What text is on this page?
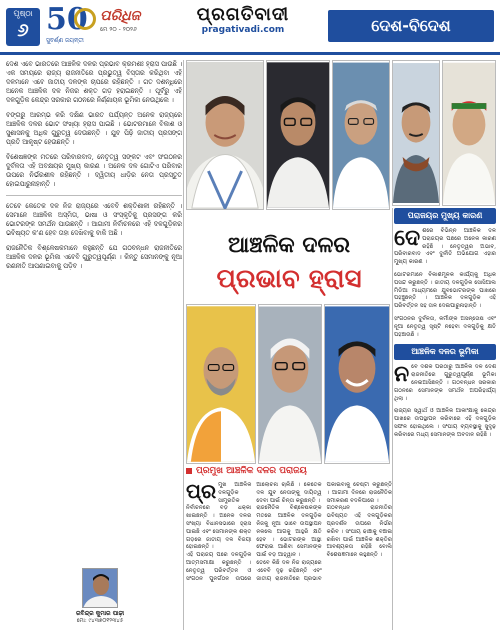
ପୃଷ୍ଠା
୬ 50
ସୁବର୍ଣ୍ଣ ଜୟନ୍ତୀ
ପରିଧିଜ
ମେ ୨୦ - ୨୦୨୬
ପ୍ରଗତିବାଦୀ
pragativadi.com	ଦେଶ-ବିଦେଶ

ଦେଶ ଏବେ ଭାରତରେ ଆଞ୍ଚଳିକ ଦଳର ପ୍ରଭାବ କ୍ରମଶଃ ହ୍ରାସ ପାଉଛି । ଏକ ସମୟରେ ରାଜ୍ୟ ରାଜନୀତିରେ ପ୍ରଭୁତ୍ୱ ବିସ୍ତାର କରିଥିବା ଏହି ଦଳମାନେ ଏବେ ଜାତୀୟ ଦଳଙ୍କ ଚାପରେ ରହିଛନ୍ତି । ଗତ ଦଶନ୍ଧିରେ ଅନେକ ଆଞ୍ଚଳିକ ଦଳ ନିଜର ଶକ୍ତ ଗଡ଼ ହରାଇଛନ୍ତି । ପୂର୍ବରୁ ଏହି ଦଳଗୁଡ଼ିକ କେନ୍ଦ୍ର ସରକାର ଗଠନରେ ନିର୍ଣ୍ଣାୟକ ଭୂମିକା ନେଉଥିଲେ ।

ବଙ୍ଗରୁ ଆରମ୍ଭ କରି ଦକ୍ଷିଣ ଭାରତ ପର୍ଯ୍ୟନ୍ତ ଅନେକ ରାଜ୍ୟରେ ଆଞ୍ଚଳିକ ଦଳର ଭୋଟ ସଂଖ୍ୟା ହ୍ରାସ ପାଇଛି । ଭୋଟରମାନେ ବିକାଶ ଓ ସୁଶାସନକୁ ଅଧିକ ଗୁରୁତ୍ୱ ଦେଉଛନ୍ତି । ଯୁବ ପିଢ଼ି ଜାତୀୟ ପ୍ରସଙ୍ଗ ପ୍ରତି ଆକୃଷ୍ଟ ହେଉଛନ୍ତି ।

ବିଶେଷଜ୍ଞଙ୍କ ମତରେ ପରିବାରବାଦ, ନେତୃତ୍ୱ ସଙ୍କଟ ଏବଂ ସଂଗଠନର ଦୁର୍ବଳତା ଏହି ଅବକ୍ଷୟର ମୁଖ୍ୟ କାରଣ । ଅନେକ ଦଳ ଗୋଟିଏ ପରିବାର ଉପରେ ନିର୍ଭରଶୀଳ ରହିଛନ୍ତି । ଦ୍ୱିତୀୟ ଧାଡ଼ିର ନେତା ପ୍ରସ୍ତୁତ ହୋଇପାରୁନାହାନ୍ତି ।

ତେବେ କେତେକ ଦଳ ନିଜ ରାଜ୍ୟରେ ଏବେବି ଶକ୍ତିଶାଳୀ ରହିଛନ୍ତି । ସେମାନେ ଆଞ୍ଚଳିକ ଅସ୍ମିତା, ଭାଷା ଓ ସଂସ୍କୃତିକୁ ପ୍ରସଙ୍ଗ କରି ଭୋଟରଙ୍କ ସମର୍ଥନ ପାଉଛନ୍ତି । ଆଗାମୀ ନିର୍ବାଚନରେ ଏହି ଦଳଗୁଡ଼ିକର ଭବିଷ୍ୟତ କ'ଣ ହେବ ତାହା ଦେଖିବାକୁ ବାକି ଅଛି ।

ରାଜନୈତିକ ବିଶ୍ଳେଷକମାନେ କହୁଛନ୍ତି ଯେ ଗଠବନ୍ଧନ ରାଜନୀତିରେ ଆଞ୍ଚଳିକ ଦଳର ଭୂମିକା ଏବେବି ଗୁରୁତ୍ୱପୂର୍ଣ୍ଣ । କିନ୍ତୁ ସେମାନଙ୍କୁ ନୂଆ ରଣନୀତି ଆପଣାଇବାକୁ ପଡ଼ିବ ।

ଆଞ୍ଚଳିକ ଦଳର
ପ୍ରଭାବ ହ୍ରାସ
ପରାଜୟର ମୁଖ୍ୟ କାରଣ

ଦେ ଶରେ ବିଭିନ୍ନ ଆଞ୍ଚଳିକ ଦଳ ପରାଜୟର ପଛରେ ଅନେକ କାରଣ ରହିଛି । ନେତୃତ୍ୱର ଅଭାବ, ପରିବାରବାଦ ଏବଂ ଦୁର୍ନୀତି ଅଭିଯୋଗ ଏହାର ମୁଖ୍ୟ କାରଣ ।

ଭୋଟରମାନେ ବିକାଶମୂଳକ କାର୍ଯ୍ୟକୁ ଅଧିକ ପସନ୍ଦ କରୁଛନ୍ତି । ଜାତୀୟ ଦଳଗୁଡ଼ିକ ସୋସିଆଲ ମିଡିଆ ମାଧ୍ୟମରେ ଯୁବଭୋଟରଙ୍କ ପାଖରେ ପହଞ୍ଚୁଛନ୍ତି । ଆଞ୍ଚଳିକ ଦଳଗୁଡ଼ିକ ଏହି ପରିବର୍ତ୍ତନ ସହ ତାଳ ଦେଇପାରୁନାହାନ୍ତି ।

ସଂଗଠନର ଦୁର୍ବଳତା, କର୍ମୀଙ୍କ ଅସନ୍ତୋଷ ଏବଂ ନୂଆ ନେତୃତ୍ୱ ସୃଷ୍ଟି ନହେବା ଦଳଗୁଡ଼ିକୁ କ୍ଷତି ପହଞ୍ଚାଉଛି ।

ଆଞ୍ଚଳିକ ଦଳର ଭୂମିକା

ନ ବେ ଦଶକ ପରଠାରୁ ଆଞ୍ଚଳିକ ଦଳ ଦେଶ ରାଜନୀତିରେ ଗୁରୁତ୍ୱପୂର୍ଣ୍ଣ ଭୂମିକା ନେଇଆସିଛନ୍ତି । ଗଠବନ୍ଧନ ସରକାର ଗଠନରେ ସେମାନଙ୍କ ସମର୍ଥନ ଅପରିହାର୍ଯ୍ୟ ଥିଲା ।

ରାଜ୍ୟର ସ୍ୱାର୍ଥ ଓ ଆଞ୍ଚଳିକ ଆକାଂକ୍ଷାକୁ କେନ୍ଦ୍ର ପାଖରେ ଉପସ୍ଥାପନ କରିବାରେ ଏହି ଦଳଗୁଡ଼ିକ ସଫଳ ହୋଇଥିଲେ । ସଂଘୀୟ ବ୍ୟବସ୍ଥାକୁ ସୁଦୃଢ଼ କରିବାରେ ମଧ୍ୟ ସେମାନଙ୍କ ଅବଦାନ ରହିଛି ।

ପ୍ରମୁଖ ଆଞ୍ଚଳିକ ଦଳର ପରାଜୟ

ପ୍ର ମୁଖ ଆଞ୍ଚଳିକ ଦଳଗୁଡ଼ିକ ସାମ୍ପ୍ରତିକ ନିର୍ବାଚନରେ ବଡ଼ ଧକ୍କା ଖାଇଛନ୍ତି । ଅନେକ ଦଳର ସଂଖ୍ୟା ବିଧାନସଭାରେ ହ୍ରାସ ପାଇଛି ଏବଂ ସେମାନଙ୍କ ଶକ୍ତ ଗଡ଼ରେ ଜାତୀୟ ଦଳ ବିଜୟୀ ହୋଇଛନ୍ତି ।

ଏହି ପରାଜୟ ପରେ ଦଳଗୁଡ଼ିକ ଆତ୍ମସମୀକ୍ଷା କରୁଛନ୍ତି । ନେତୃତ୍ୱ ପରିବର୍ତ୍ତନ ଓ ସଂଗଠନ ପୁନର୍ଗଠନ ଉପରେ ଆଲୋଚନା ଚାଲିଛି । କେତେକ ଦଳ ଯୁବ ନେତାଙ୍କୁ ଦାୟିତ୍ୱ ଦେବା ପାଇଁ ଚିନ୍ତା କରୁଛନ୍ତି ।

ରାଜନୈତିକ ବିଶ୍ଳେଷକଙ୍କ ମତରେ ଆଞ୍ଚଳିକ ଦଳଗୁଡ଼ିକ ନିଜକୁ ନୂଆ ଭାବେ ଉପସ୍ଥାପନ ନକଲେ ଆଗକୁ ଆହୁରି କ୍ଷତି ହେବ । ଭୋଟରଙ୍କ ଆସ୍ଥା ଫେରାଇ ଆଣିବା ସେମାନଙ୍କ ପାଇଁ ବଡ଼ ଆହ୍ୱାନ ।

ତେବେ କିଛି ଦଳ ନିଜ ରାଜ୍ୟରେ ଏବେବି ଦୃଢ଼ ରହିଛନ୍ତି ଏବଂ ଜାତୀୟ ରାଜନୀତିରେ ପ୍ରଭାବ ପକାଇବାକୁ ଚେଷ୍ଟା କରୁଛନ୍ତି । ଆଗାମୀ ଦିନରେ ରାଜନୈତିକ ସମୀକରଣ ବଦଳିପାରେ ।

ଗଠବନ୍ଧନ ରାଜନୀତିର ଭବିଷ୍ୟତ ଏହି ଦଳଗୁଡ଼ିକର ପ୍ରଦର୍ଶନ ଉପରେ ନିର୍ଭର କରିବ । ସଂଘୀୟ ଢାଞ୍ଚାକୁ ବଞ୍ଚାଇ ରଖିବା ପାଇଁ ଆଞ୍ଚଳିକ ଶକ୍ତିର ଆବଶ୍ୟକତା ରହିଛି ବୋଲି ବିଶେଷଜ୍ଞମାନେ କହୁଛନ୍ତି ।

ରବିନ୍ଦ୍ର କୁମାର ପାଢ଼ୀ
ମୋ: ୯୪୩୭୦୧୨୩୪୫
